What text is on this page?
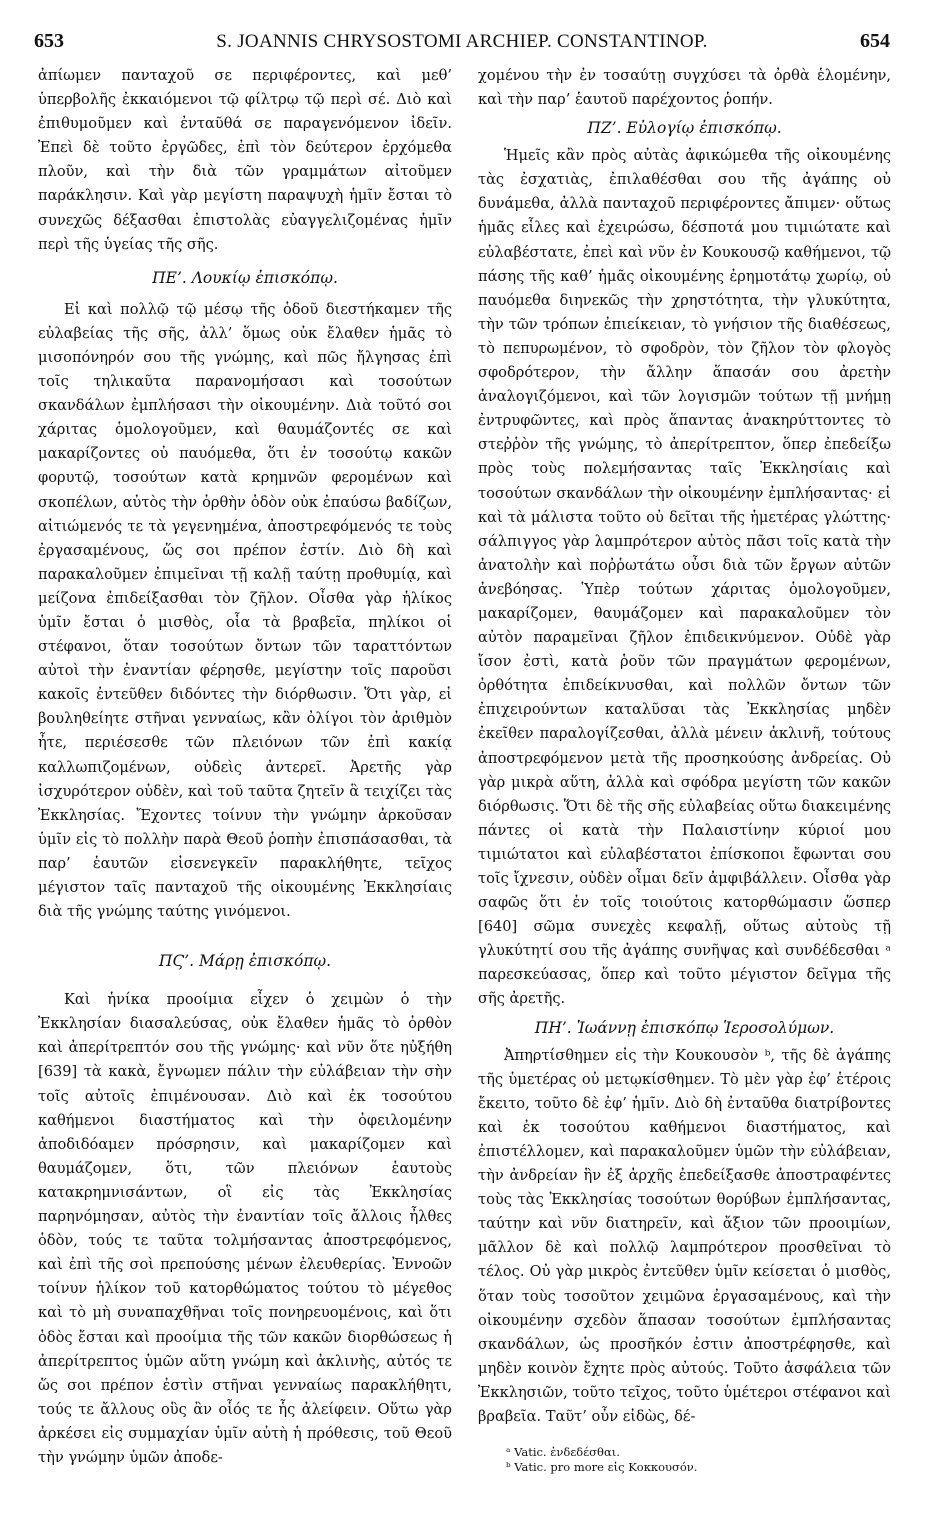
653	S. JOANNIS CHRYSOSTOMI ARCHIEP. CONSTANTINOP.	654

ἀπίωμεν πανταχοῦ σε περιφέροντες, καὶ μεθ’ ὑπερβολῆς ἐκκαιόμενοι τῷ φίλτρῳ τῷ περὶ σέ. Διὸ καὶ ἐπιθυμοῦμεν καὶ ἐνταῦθά σε παραγενόμενον ἰδεῖν. Ἐπεὶ δὲ τοῦτο ἐργῶδες, ἐπὶ τὸν δεύτερον ἐρχόμεθα πλοῦν, καὶ τὴν διὰ τῶν γραμμάτων αἰτοῦμεν παράκλησιν. Καὶ γὰρ μεγίστη παραψυχὴ ἡμῖν ἔσται τὸ συνεχῶς δέξασθαι ἐπιστολὰς εὐαγγελιζομένας ἡμῖν περὶ τῆς ὑγείας τῆς σῆς.

ΠΕ’. Λουκίῳ ἐπισκόπῳ.

Εἰ καὶ πολλῷ τῷ μέσῳ τῆς ὁδοῦ διεστήκαμεν τῆς εὐλαβείας τῆς σῆς, ἀλλ’ ὅμως οὐκ ἔλαθεν ἡμᾶς τὸ μισοπόνηρόν σου τῆς γνώμης, καὶ πῶς ἤλγησας ἐπὶ τοῖς τηλικαῦτα παρανομήσασι καὶ τοσούτων σκανδάλων ἐμπλήσασι τὴν οἰκουμένην. Διὰ τοῦτό σοι χάριτας ὁμολογοῦμεν, καὶ θαυμάζοντές σε καὶ μακαρίζοντες οὐ παυόμεθα, ὅτι ἐν τοσούτῳ κακῶν φορυτῷ, τοσούτων κατὰ κρημνῶν φερομένων καὶ σκοπέλων, αὐτὸς τὴν ὀρθὴν ὁδὸν οὐκ ἐπαύσω βαδίζων, αἰτιώμενός τε τὰ γεγενημένα, ἀποστρεφόμενός τε τοὺς ἐργασαμένους, ὥς σοι πρέπον ἐστίν. Διὸ δὴ καὶ παρακαλοῦμεν ἐπιμεῖναι τῇ καλῇ ταύτῃ προθυμίᾳ, καὶ μείζονα ἐπιδείξασθαι τὸν ζῆλον. Οἶσθα γὰρ ἡλίκος ὑμῖν ἔσται ὁ μισθὸς, οἷα τὰ βραβεῖα, πηλίκοι οἱ στέφανοι, ὅταν τοσούτων ὄντων τῶν ταραττόντων αὐτοὶ τὴν ἐναντίαν φέρησθε, μεγίστην τοῖς παροῦσι κακοῖς ἐντεῦθεν διδόντες τὴν διόρθωσιν. Ὅτι γὰρ, εἰ βουληθείητε στῆναι γενναίως, κἂν ὀλίγοι τὸν ἀριθμὸν ἦτε, περιέσεσθε τῶν πλειόνων τῶν ἐπὶ κακίᾳ καλλωπιζομένων, οὐδεὶς ἀντερεῖ. Ἀρετῆς γὰρ ἰσχυρότερον οὐδὲν, καὶ τοῦ ταῦτα ζητεῖν ἃ τειχίζει τὰς Ἐκκλησίας. Ἔχοντες τοίνυν τὴν γνώμην ἀρκοῦσαν ὑμῖν εἰς τὸ πολλὴν παρὰ Θεοῦ ῥοπὴν ἐπισπάσασθαι, τὰ παρ’ ἑαυτῶν εἰσενεγκεῖν παρακλήθητε, τεῖχος μέγιστον ταῖς πανταχοῦ τῆς οἰκουμένης Ἐκκλησίαις διὰ τῆς γνώμης ταύτης γινόμενοι.

ΠϚ’. Μάρῃ ἐπισκόπῳ.

Καὶ ἡνίκα προοίμια εἶχεν ὁ χειμὼν ὁ τὴν Ἐκκλησίαν διασαλεύσας, οὐκ ἔλαθεν ἡμᾶς τὸ ὀρθὸν καὶ ἀπερίτρεπτόν σου τῆς γνώμης· καὶ νῦν ὅτε ηὐξήθη [639] τὰ κακὰ, ἔγνωμεν πάλιν τὴν εὐλάβειαν τὴν σὴν τοῖς αὐτοῖς ἐπιμένουσαν. Διὸ καὶ ἐκ τοσούτου καθήμενοι διαστήματος καὶ τὴν ὀφειλομένην ἀποδιδόαμεν πρόσρησιν, καὶ μακαρίζομεν καὶ θαυμάζομεν, ὅτι, τῶν πλειόνων ἑαυτοὺς κατακρημνισάντων, οἳ εἰς τὰς Ἐκκλησίας παρηνόμησαν, αὐτὸς τὴν ἐναντίαν τοῖς ἄλλοις ἦλθες ὁδὸν, τούς τε ταῦτα τολμήσαντας ἀποστρεφόμενος, καὶ ἐπὶ τῆς σοὶ πρεπούσης μένων ἐλευθερίας. Ἐννοῶν τοίνυν ἡλίκον τοῦ κατορθώματος τούτου τὸ μέγεθος καὶ τὸ μὴ συναπαχθῆναι τοῖς πονηρευομένοις, καὶ ὅτι ὁδὸς ἔσται καὶ προοίμια τῆς τῶν κακῶν διορθώσεως ἡ ἀπερίτρεπτος ὑμῶν αὕτη γνώμη καὶ ἀκλινὴς, αὐτός τε ὥς σοι πρέπον ἐστὶν στῆναι γενναίως παρακλήθητι, τούς τε ἄλλους οὓς ἂν οἷός τε ἧς ἀλείφειν. Οὕτω γὰρ ἀρκέσει εἰς συμμαχίαν ὑμῖν αὐτὴ ἡ πρόθεσις, τοῦ Θεοῦ τὴν γνώμην ὑμῶν ἀποδε-

χομένου τὴν ἐν τοσαύτῃ συγχύσει τὰ ὀρθὰ ἑλομένην, καὶ τὴν παρ’ ἑαυτοῦ παρέχοντος ῥοπήν.

ΠΖ’. Εὐλογίῳ ἐπισκόπῳ.

Ἡμεῖς κἂν πρὸς αὐτὰς ἀφικώμεθα τῆς οἰκουμένης τὰς ἐσχατιὰς, ἐπιλαθέσθαι σου τῆς ἀγάπης οὐ δυνάμεθα, ἀλλὰ πανταχοῦ περιφέροντες ἄπιμεν· οὕτως ἡμᾶς εἷλες καὶ ἐχειρώσω, δέσποτά μου τιμιώτατε καὶ εὐλαβέστατε, ἐπεὶ καὶ νῦν ἐν Κουκουσῷ καθήμενοι, τῷ πάσης τῆς καθ’ ἡμᾶς οἰκουμένης ἐρημοτάτῳ χωρίῳ, οὐ παυόμεθα διηνεκῶς τὴν χρηστότητα, τὴν γλυκύτητα, τὴν τῶν τρόπων ἐπιείκειαν, τὸ γνήσιον τῆς διαθέσεως, τὸ πεπυρωμένον, τὸ σφοδρὸν, τὸν ζῆλον τὸν φλογὸς σφοδρότερον, τὴν ἄλλην ἅπασάν σου ἀρετὴν ἀναλογιζόμενοι, καὶ τῶν λογισμῶν τούτων τῇ μνήμῃ ἐντρυφῶντες, καὶ πρὸς ἅπαντας ἀνακηρύττοντες τὸ στεῤῥὸν τῆς γνώμης, τὸ ἀπερίτρεπτον, ὅπερ ἐπεδείξω πρὸς τοὺς πολεμήσαντας ταῖς Ἐκκλησίαις καὶ τοσούτων σκανδάλων τὴν οἰκουμένην ἐμπλήσαντας· εἰ καὶ τὰ μάλιστα τοῦτο οὐ δεῖται τῆς ἡμετέρας γλώττης· σάλπιγγος γὰρ λαμπρότερον αὐτὸς πᾶσι τοῖς κατὰ τὴν ἀνατολὴν καὶ ποῤῥωτάτω οὖσι διὰ τῶν ἔργων αὐτῶν ἀνεβόησας. Ὑπὲρ τούτων χάριτας ὁμολογοῦμεν, μακαρίζομεν, θαυμάζομεν καὶ παρακαλοῦμεν τὸν αὐτὸν παραμεῖναι ζῆλον ἐπιδεικνύμενον. Οὐδὲ γὰρ ἴσον ἐστὶ, κατὰ ῥοῦν τῶν πραγμάτων φερομένων, ὀρθότητα ἐπιδείκνυσθαι, καὶ πολλῶν ὄντων τῶν ἐπιχειρούντων καταλῦσαι τὰς Ἐκκλησίας μηδὲν ἐκεῖθεν παραλογίζεσθαι, ἀλλὰ μένειν ἀκλινῆ, τούτους ἀποστρεφόμενον μετὰ τῆς προσηκούσης ἀνδρείας. Οὐ γὰρ μικρὰ αὕτη, ἀλλὰ καὶ σφόδρα μεγίστη τῶν κακῶν διόρθωσις. Ὅτι δὲ τῆς σῆς εὐλαβείας οὕτω διακειμένης πάντες οἱ κατὰ τὴν Παλαιστίνην κύριοί μου τιμιώτατοι καὶ εὐλαβέστατοι ἐπίσκοποι ἔφωνται σου τοῖς ἴχνεσιν, οὐδὲν οἶμαι δεῖν ἀμφιβάλλειν. Οἶσθα γὰρ σαφῶς ὅτι ἐν τοῖς τοιούτοις κατορθώμασιν ὥσπερ [640] σῶμα συνεχὲς κεφαλῇ, οὕτως αὐτοὺς τῇ γλυκύτητί σου τῆς ἀγάπης συνῆψας καὶ συνδέδεσθαι ᵃ παρεσκεύασας, ὅπερ καὶ τοῦτο μέγιστον δεῖγμα τῆς σῆς ἀρετῆς.

ΠΗ’. Ἰωάννῃ ἐπισκόπῳ Ἱεροσολύμων.

Ἀπηρτίσθημεν εἰς τὴν Κουκουσὸν ᵇ, τῆς δὲ ἀγάπης τῆς ὑμετέρας οὐ μετῳκίσθημεν. Τὸ μὲν γὰρ ἐφ’ ἑτέροις ἔκειτο, τοῦτο δὲ ἐφ’ ἡμῖν. Διὸ δὴ ἐνταῦθα διατρίβοντες καὶ ἐκ τοσούτου καθήμενοι διαστήματος, καὶ ἐπιστέλλομεν, καὶ παρακαλοῦμεν ὑμῶν τὴν εὐλάβειαν, τὴν ἀνδρείαν ἣν ἐξ ἀρχῆς ἐπεδείξασθε ἀποστραφέντες τοὺς τὰς Ἐκκλησίας τοσούτων θορύβων ἐμπλήσαντας, ταύτην καὶ νῦν διατηρεῖν, καὶ ἄξιον τῶν προοιμίων, μᾶλλον δὲ καὶ πολλῷ λαμπρότερον προσθεῖναι τὸ τέλος. Οὐ γὰρ μικρὸς ἐντεῦθεν ὑμῖν κείσεται ὁ μισθὸς, ὅταν τοὺς τοσοῦτον χειμῶνα ἐργασαμένους, καὶ τὴν οἰκουμένην σχεδὸν ἅπασαν τοσούτων ἐμπλήσαντας σκανδάλων, ὡς προσῆκόν ἐστιν ἀποστρέφησθε, καὶ μηδὲν κοινὸν ἔχητε πρὸς αὐτούς. Τοῦτο ἀσφάλεια τῶν Ἐκκλησιῶν, τοῦτο τεῖχος, τοῦτο ὑμέτεροι στέφανοι καὶ βραβεῖα. Ταῦτ’ οὖν εἰδὼς, δέ-

ᵃ Vatic. ἐνδεδέσθαι.
ᵇ Vatic. pro more εἰς Κοκκουσόν.
